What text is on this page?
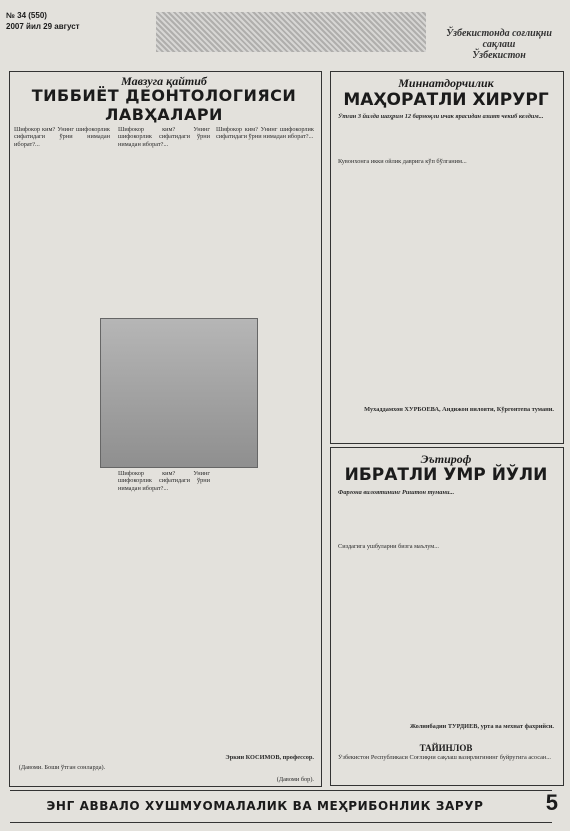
№ 34 (550)
2007 йил 29 август
Ўзбекистонда соғлиқни сақлаш
Ўзбекистон
Мавзуга қайтиб
ТИББИЁТ ДЕОНТОЛОГИЯСИ ЛАВҲАЛАРИ
Шифокор ким? Унинг шифокорлик сифатидаги ўрни нимадан иборат?...
Шифокор ким? Унинг шифокорлик сифатидаги ўрни нимадан иборат?...
Шифокор ким? Унинг шифокорлик сифатидаги ўрни нимадан иборат?...
Шифокор ким? Унинг шифокорлик сифатидаги ўрни нимадан иборат?...
Эркин КОСИМОВ, профессор.
(Давоми бор).
(Давоми. Боши ўтган сонларда).
Миннатдорчилик
МАҲОРАТЛИ ХИРУРГ
Ўтган 3 йилда шаҳрим 12 бармоқли ичак ярасидан азият чекиб келдим...
Кувонхонга икки ойлик даврига кўп бўлганим...
Мухаддамхон ХУРБОЕВА, Андижон вилояти, Кўргонтепа тумани.
Эътироф
ИБРАТЛИ УМР ЙЎЛИ
Фарғона вилоятининг Риштон тумани...
Сиздагига ушбуларни бизга маълум...
Жолинбадин ТУРДИЕВ, урта ва мехнат фахрийси.
ТАЙИНЛОВ
Ўзбекистон Республикаси Соғлиқни сақлаш вазирлигининг буйругига асосан...
ЭНГ АВВАЛО ХУШМУОМАЛАЛИК ВА МЕҲРИБОНЛИК ЗАРУР	5
